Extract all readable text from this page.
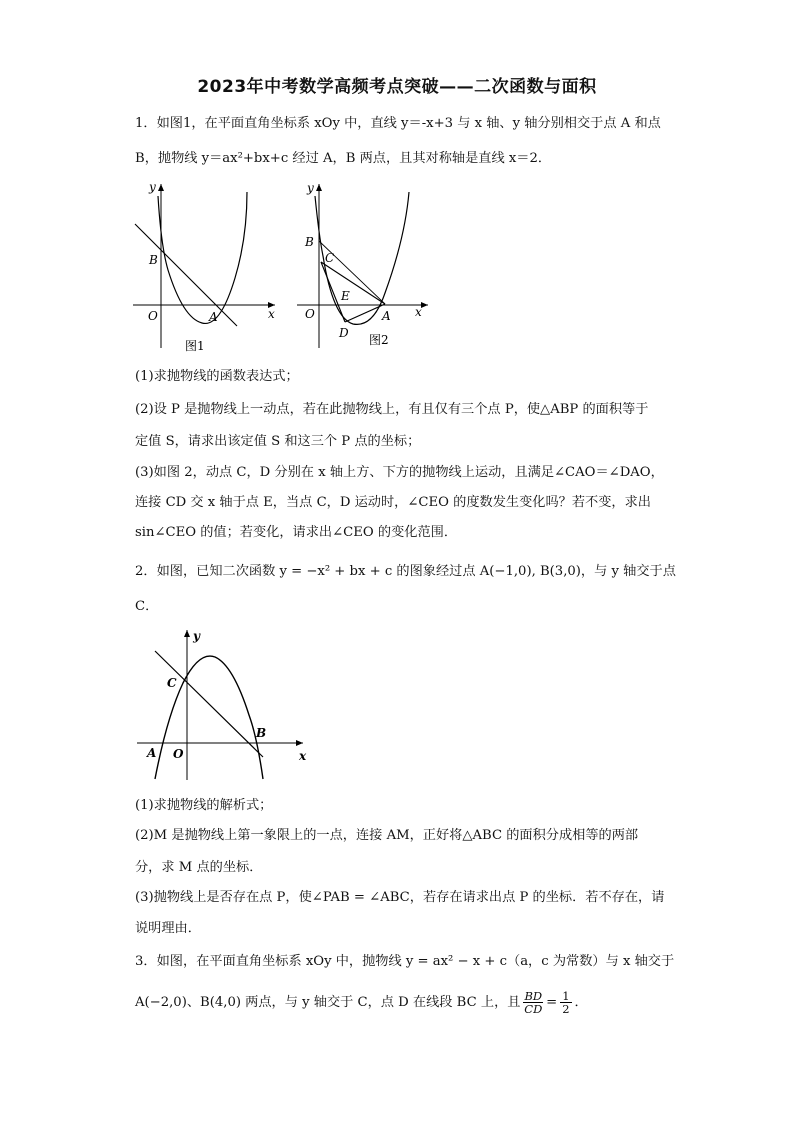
2023年中考数学高频考点突破——二次函数与面积
1．如图1，在平面直角坐标系 xOy 中，直线 y＝-x+3 与 x 轴、y 轴分别相交于点 A 和点
B，抛物线 y＝ax²+bx+c 经过 A，B 两点，且其对称轴是直线 x＝2．
y
x
O	A
B
图1
y
x
O	A
B
C
D
E
图2
(1)求抛物线的函数表达式；
(2)设 P 是抛物线上一动点，若在此抛物线上，有且仅有三个点 P，使△ABP 的面积等于
定值 S，请求出该定值 S 和这三个 P 点的坐标；
(3)如图 2，动点 C，D 分别在 x 轴上方、下方的抛物线上运动，且满足∠CAO＝∠DAO，
连接 CD 交 x 轴于点 E，当点 C，D 运动时，∠CEO 的度数发生变化吗？若不变，求出
sin∠CEO 的值；若变化，请求出∠CEO 的变化范围．
2．如图，已知二次函数 y = −x² + bx + c 的图象经过点 A(−1,0), B(3,0)，与 y 轴交于点
C．
y
x
O
A
B
C
(1)求抛物线的解析式；
(2)M 是抛物线上第一象限上的一点，连接 AM，正好将△ABC 的面积分成相等的两部
分，求 M 点的坐标．
(3)抛物线上是否存在点 P，使∠PAB = ∠ABC，若存在请求出点 P 的坐标．若不存在，请
说明理由．
3．如图，在平面直角坐标系 xOy 中，抛物线 y = ax² − x + c（a，c 为常数）与 x 轴交于
A(−2,0)、B(4,0) 两点，与 y 轴交于 C，点 D 在线段 BC 上，且 $\frac{BD}{CD} = \frac{1}{2}$ ．
